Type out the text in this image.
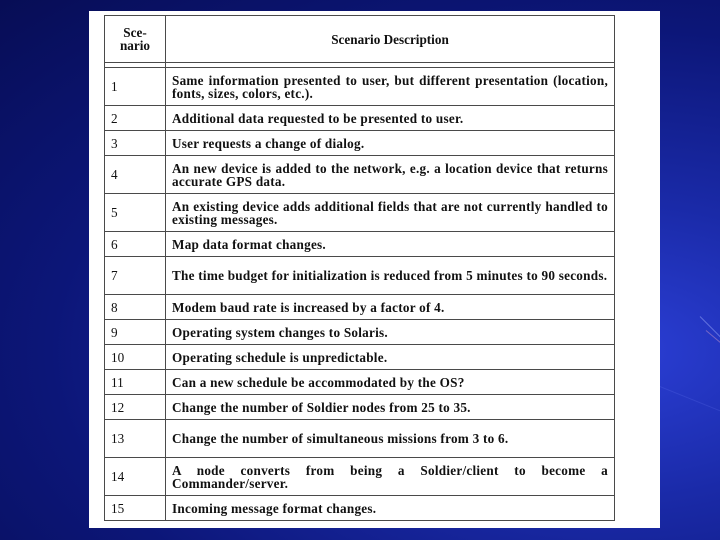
Sce-
nario	Scenario Description

1	Same information presented to user, but different presentation (location, fonts, sizes, colors, etc.).
2	Additional data requested to be presented to user.
3	User requests a change of dialog.
4	An new device is added to the network, e.g. a location device that returns accurate GPS data.
5	An existing device adds additional fields that are not currently handled to existing messages.
6	Map data format changes.
7	The time budget for initialization is reduced from 5 minutes to 90 seconds.
8	Modem baud rate is increased by a factor of 4.
9	Operating system changes to Solaris.
10	Operating schedule is unpredictable.
11	Can a new schedule be accommodated by the OS?
12	Change the number of Soldier nodes from 25 to 35.
13	Change the number of simultaneous missions from 3 to 6.
14	A node converts from being a Soldier/client to become a Commander/server.
15	Incoming message format changes.
